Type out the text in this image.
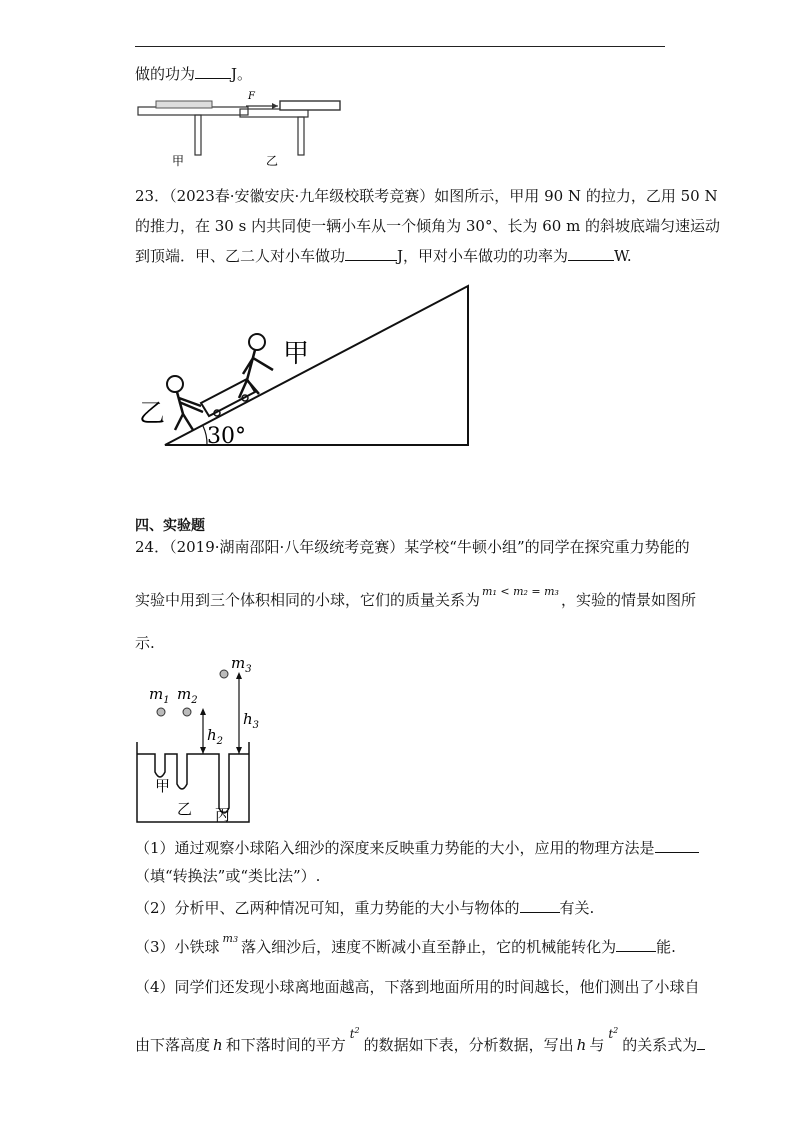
做的功为 J。
甲
F
乙
23．（2023春·安徽安庆·九年级校联考竞赛）如图所示，甲用 90 N 的拉力，乙用 50 N
的推力，在 30 s 内共同使一辆小车从一个倾角为 30°、长为 60 m 的斜坡底端匀速运动
到顶端．甲、乙二人对小车做功	J，甲对小车做功的功率为	W.
30°
甲
乙
四、实验题
24．（2019·湖南邵阳·八年级统考竞赛）某学校“牛顿小组”的同学在探究重力势能的
实验中用到三个体积相同的小球，它们的质量关系为 $^{m_1 < m_2 = m_3}$ ，实验的情景如图所
示.
$m_1$ $m_2$
$m_3$
$h_2$
$h_3$
甲
乙 丙
（1）通过观察小球陷入细沙的深度来反映重力势能的大小，应用的物理方法是
（填“转换法”或“类比法”）.
（2）分析甲、乙两种情况可知，重力势能的大小与物体的	有关.
（3）小铁球 $^{m3}$ 落入细沙后，速度不断减小直至静止，它的机械能转化为	能.
（4）同学们还发现小球离地面越高，下落到地面所用的时间越长，他们测出了小球自
由下落高度 h 和下落时间的平方$^{t^2}$的数据如下表，分析数据，写出 h 与$^{t^2}$的关系式为
